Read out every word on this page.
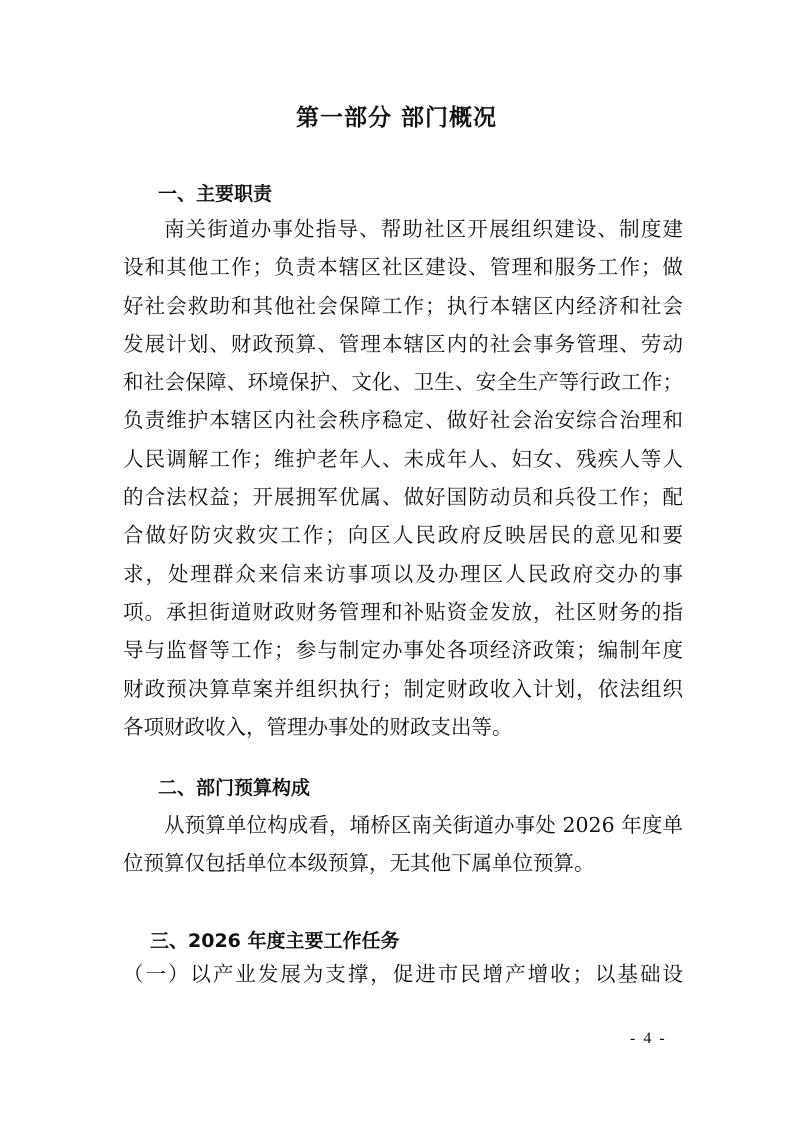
第一部分 部门概况
一、主要职责
南关街道办事处指导、帮助社区开展组织建设、制度建
设和其他工作；负责本辖区社区建设、管理和服务工作；做
好社会救助和其他社会保障工作；执行本辖区内经济和社会
发展计划、财政预算、管理本辖区内的社会事务管理、劳动
和社会保障、环境保护、文化、卫生、安全生产等行政工作；
负责维护本辖区内社会秩序稳定、做好社会治安综合治理和
人民调解工作；维护老年人、未成年人、妇女、残疾人等人
的合法权益；开展拥军优属、做好国防动员和兵役工作；配
合做好防灾救灾工作；向区人民政府反映居民的意见和要
求，处理群众来信来访事项以及办理区人民政府交办的事
项。承担街道财政财务管理和补贴资金发放，社区财务的指
导与监督等工作；参与制定办事处各项经济政策；编制年度
财政预决算草案并组织执行；制定财政收入计划，依法组织
各项财政收入，管理办事处的财政支出等。
二、部门预算构成
从预算单位构成看，埇桥区南关街道办事处 2026 年度单
位预算仅包括单位本级预算，无其他下属单位预算。
三、2026 年度主要工作任务
（一）以产业发展为支撑，促进市民增产增收；以基础设
- 4 -
